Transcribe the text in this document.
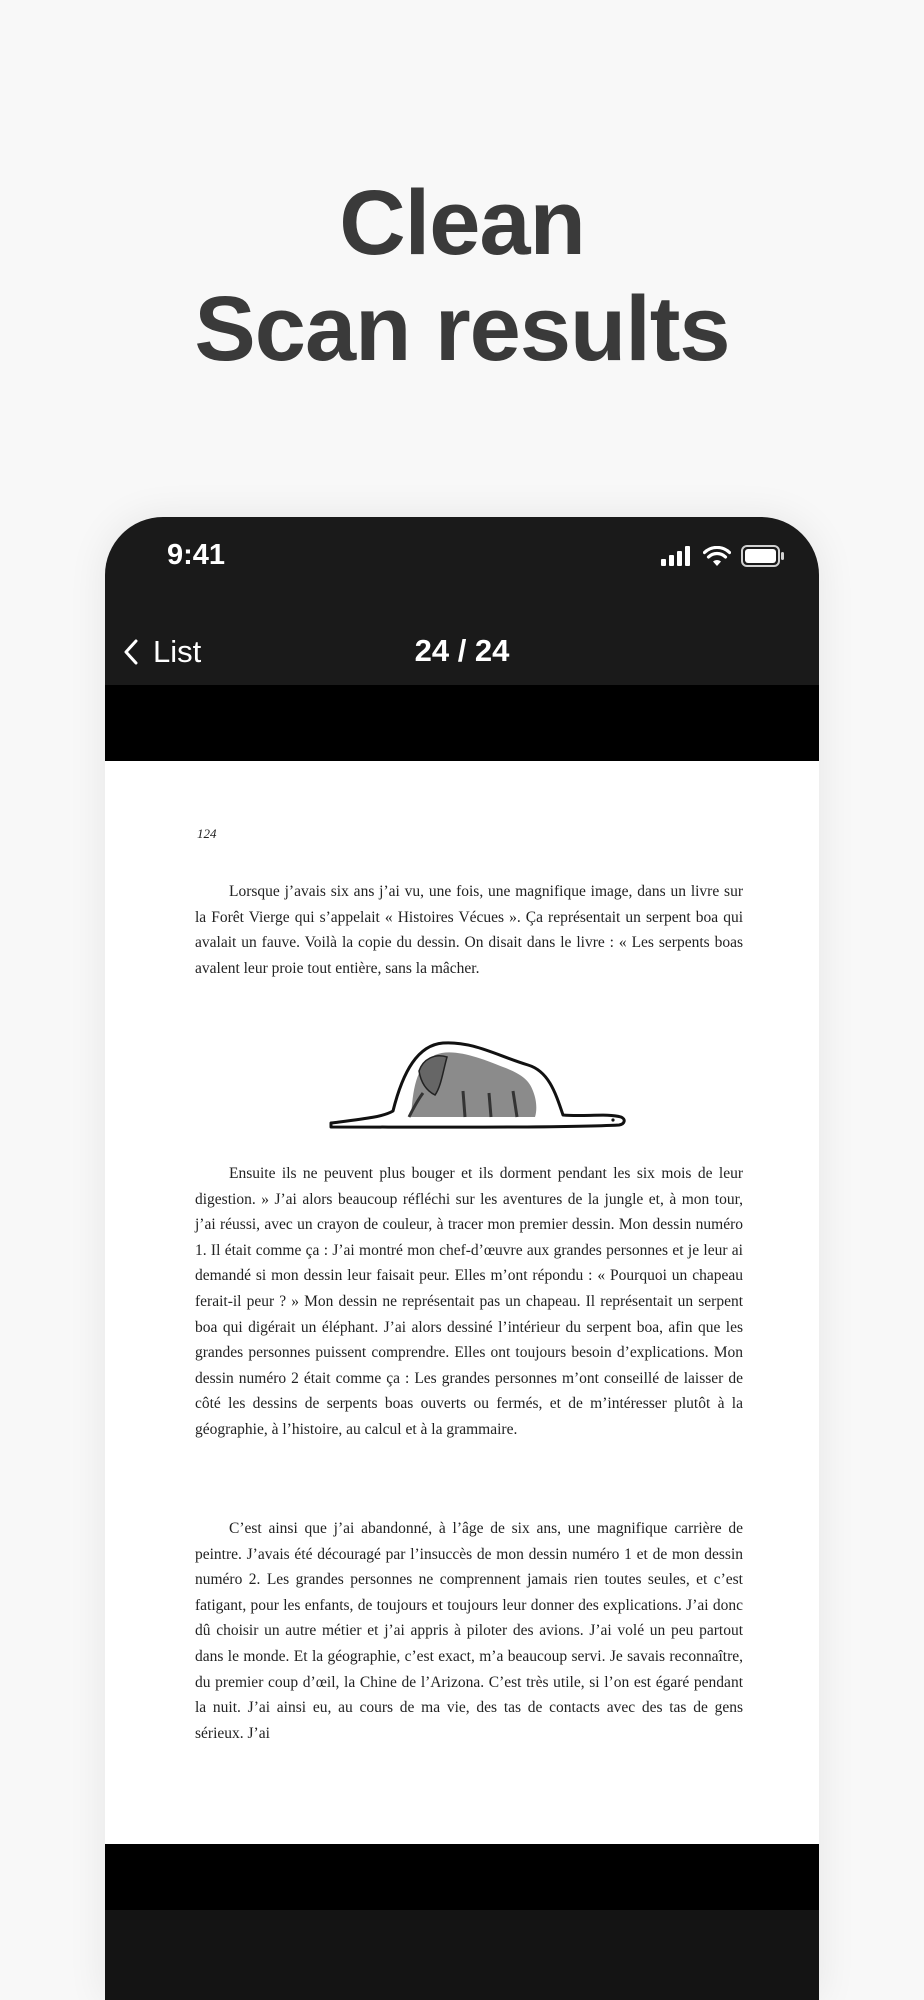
Clean
Scan results
9:41
List	24 / 24
124

Lorsque j’avais six ans j’ai vu, une fois, une magnifique image, dans un livre sur la Forêt Vierge qui s’appelait « Histoires Vécues ». Ça représentait un serpent boa qui avalait un fauve. Voilà la copie du dessin. On disait dans le livre : « Les serpents boas avalent leur proie tout entière, sans la mâcher.

Ensuite ils ne peuvent plus bouger et ils dorment pendant les six mois de leur digestion. » J’ai alors beaucoup réfléchi sur les aventures de la jungle et, à mon tour, j’ai réussi, avec un crayon de couleur, à tracer mon premier dessin. Mon dessin numéro 1. Il était comme ça : J’ai montré mon chef-d’œuvre aux grandes personnes et je leur ai demandé si mon dessin leur faisait peur. Elles m’ont répondu : « Pourquoi un chapeau ferait-il peur ? » Mon dessin ne représentait pas un chapeau. Il représentait un serpent boa qui digérait un éléphant. J’ai alors dessiné l’intérieur du serpent boa, afin que les grandes personnes puissent comprendre. Elles ont toujours besoin d’explications. Mon dessin numéro 2 était comme ça : Les grandes personnes m’ont conseillé de laisser de côté les dessins de serpents boas ouverts ou fermés, et de m’intéresser plutôt à la géographie, à l’histoire, au calcul et à la grammaire.

C’est ainsi que j’ai abandonné, à l’âge de six ans, une magnifique carrière de peintre. J’avais été découragé par l’insuccès de mon dessin numéro 1 et de mon dessin numéro 2. Les grandes personnes ne comprennent jamais rien toutes seules, et c’est fatigant, pour les enfants, de toujours et toujours leur donner des explications. J’ai donc dû choisir un autre métier et j’ai appris à piloter des avions. J’ai volé un peu partout dans le monde. Et la géographie, c’est exact, m’a beaucoup servi. Je savais reconnaître, du premier coup d’œil, la Chine de l’Arizona. C’est très utile, si l’on est égaré pendant la nuit. J’ai ainsi eu, au cours de ma vie, des tas de contacts avec des tas de gens sérieux. J’ai
